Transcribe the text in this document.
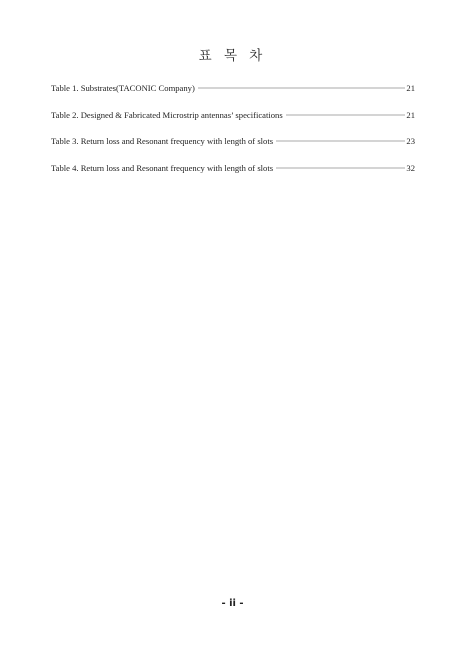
표 목 차
Table 1. Substrates(TACONIC Company)	21
Table 2. Designed & Fabricated Microstrip antennas’ specifications	21
Table 3. Return loss and Resonant frequency with length of slots	23
Table 4. Return loss and Resonant frequency with length of slots	32
- ii -
